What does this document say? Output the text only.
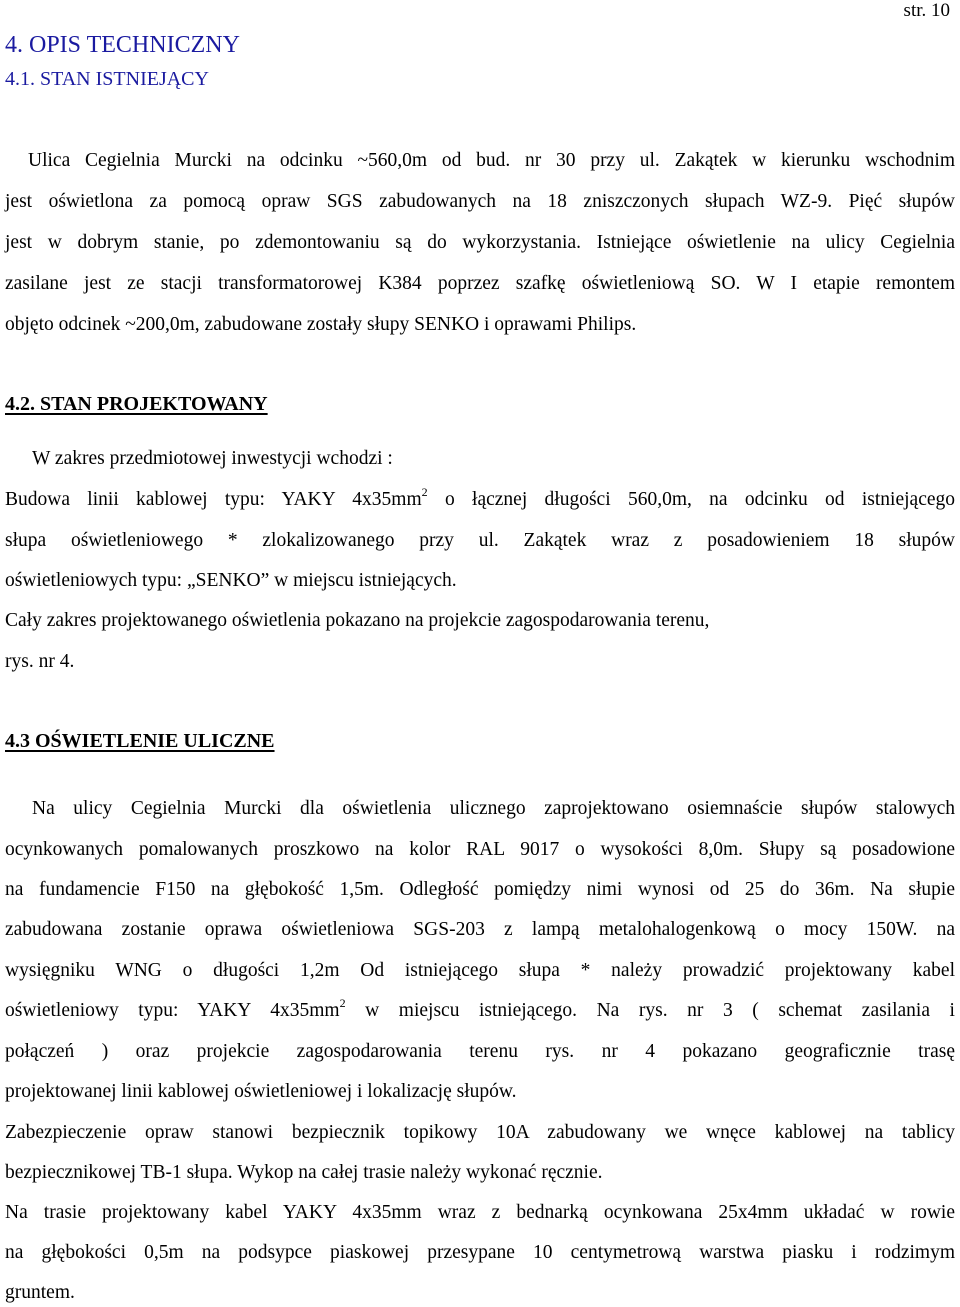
str. 10
4. OPIS TECHNICZNY
4.1. STAN ISTNIEJĄCY
Ulica Cegielnia Murcki na odcinku ~560,0m od bud. nr 30 przy ul. Zakątek w kierunku wschodnim
jest oświetlona za pomocą opraw SGS zabudowanych na 18 zniszczonych słupach WZ-9. Pięć słupów
jest w dobrym stanie, po zdemontowaniu są do wykorzystania. Istniejące oświetlenie na ulicy Cegielnia
zasilane jest ze stacji transformatorowej K384 poprzez szafkę oświetleniową SO. W I etapie remontem
objęto odcinek ~200,0m, zabudowane zostały słupy SENKO i oprawami Philips.
4.2. STAN PROJEKTOWANY
W zakres przedmiotowej inwestycji wchodzi :
Budowa linii kablowej typu: YAKY $4x35mm^2$ o łącznej długości 560,0m, na odcinku od istniejącego
słupa oświetleniowego * zlokalizowanego przy ul. Zakątek wraz z posadowieniem 18 słupów
oświetleniowych typu: „SENKO” w miejscu istniejących.
Cały zakres projektowanego oświetlenia pokazano na projekcie zagospodarowania terenu,
rys. nr 4.
4.3 OŚWIETLENIE ULICZNE
Na ulicy Cegielnia Murcki dla oświetlenia ulicznego zaprojektowano osiemnaście słupów stalowych
ocynkowanych pomalowanych proszkowo na kolor RAL 9017 o wysokości 8,0m. Słupy są posadowione
na fundamencie F150 na głębokość 1,5m. Odległość pomiędzy nimi wynosi od 25 do 36m. Na słupie
zabudowana zostanie oprawa oświetleniowa SGS-203 z lampą metalohalogenkową o mocy 150W. na
wysięgniku WNG o długości 1,2m Od istniejącego słupa * należy prowadzić projektowany kabel
oświetleniowy typu: YAKY $4x35mm^2$ w miejscu istniejącego. Na rys. nr 3 ( schemat zasilania i
połączeń ) oraz projekcie zagospodarowania terenu rys. nr 4 pokazano geograficznie trasę
projektowanej linii kablowej oświetleniowej i lokalizację słupów.
Zabezpieczenie opraw stanowi bezpiecznik topikowy 10A zabudowany we wnęce kablowej na tablicy
bezpiecznikowej TB-1 słupa. Wykop na całej trasie należy wykonać ręcznie.
Na trasie projektowany kabel YAKY 4x35mm wraz z bednarką ocynkowana 25x4mm układać w rowie
na głębokości 0,5m na podsypce piaskowej przesypane 10 centymetrową warstwa piasku i rodzimym
gruntem.
